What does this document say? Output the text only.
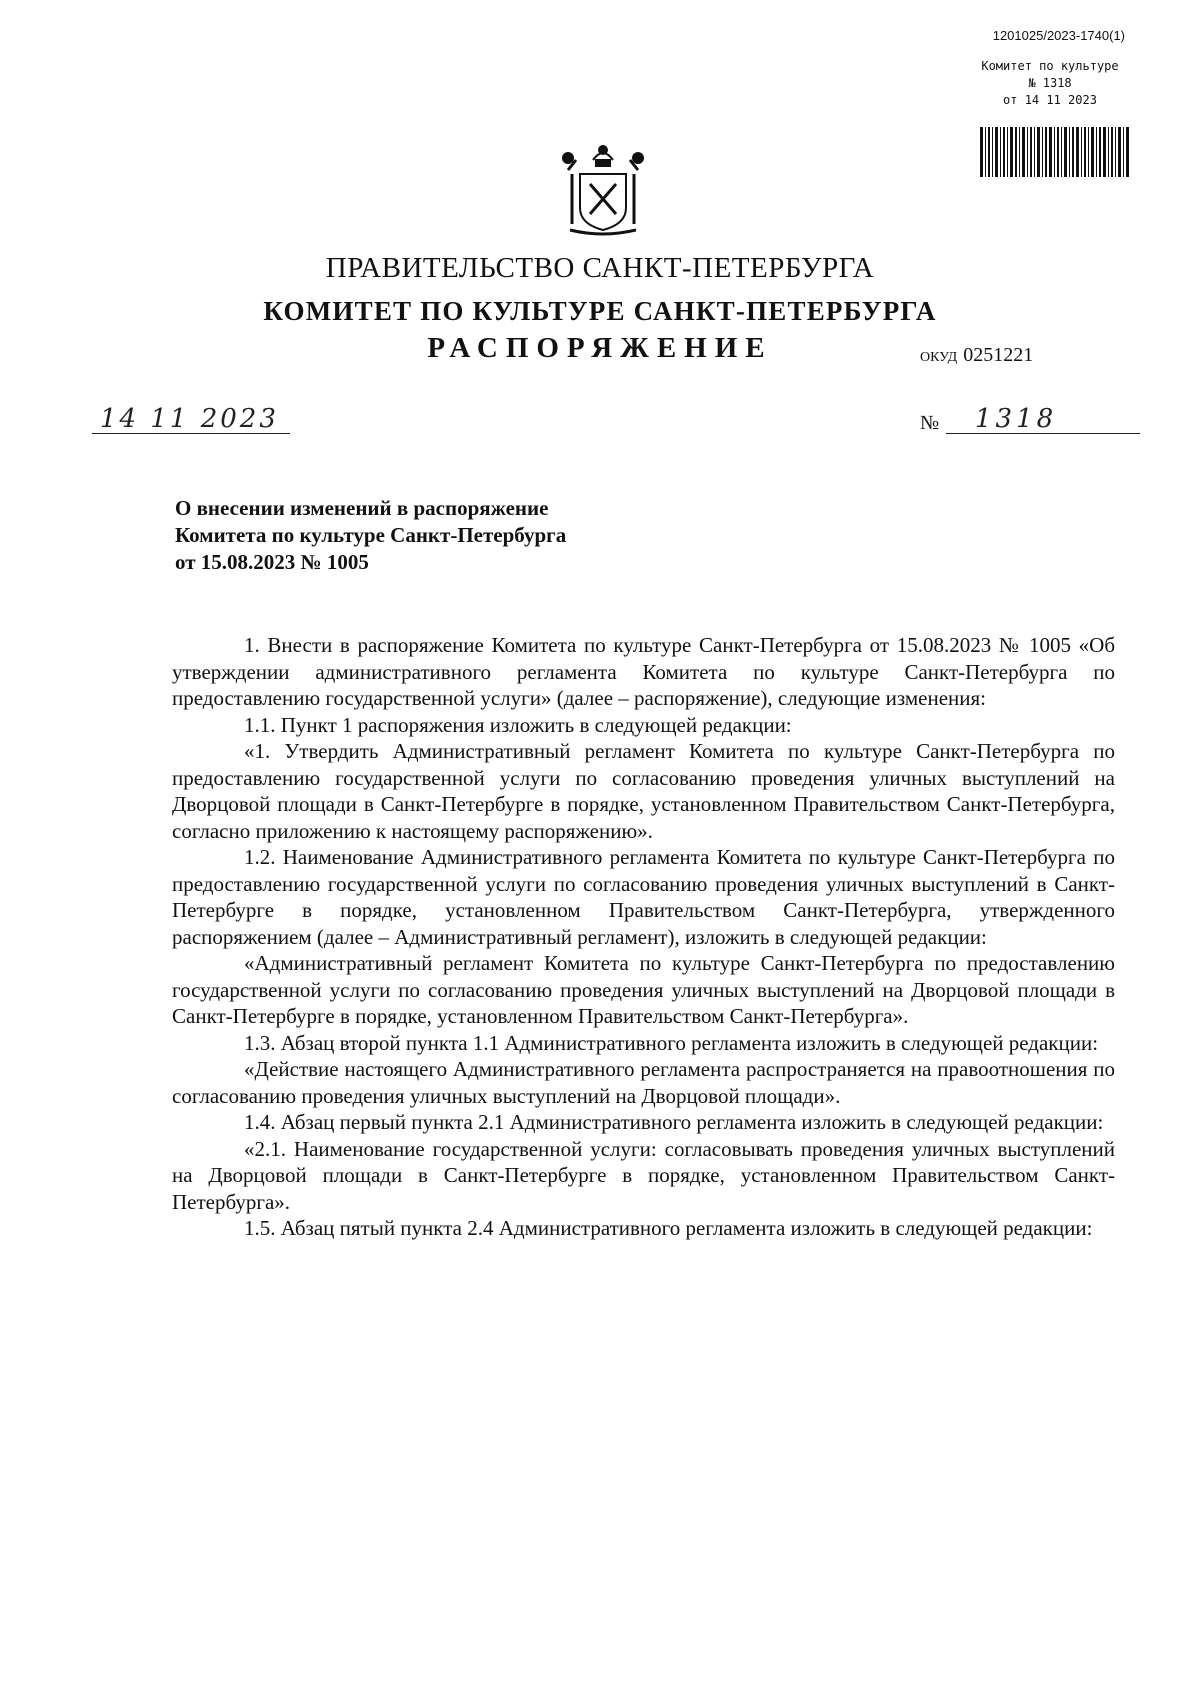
1201025/2023-1740(1)
Комитет по культуре
№ 1318
от 14 11 2023
ПРАВИТЕЛЬСТВО САНКТ-ПЕТЕРБУРГА
КОМИТЕТ ПО КУЛЬТУРЕ САНКТ-ПЕТЕРБУРГА
РАСПОРЯЖЕНИЕ	ОКУД 0251221
14 11 2023	№ 1318
О внесении изменений в распоряжение
Комитета по культуре Санкт-Петербурга
от 15.08.2023 № 1005

1. Внести в распоряжение Комитета по культуре Санкт-Петербурга от 15.08.2023 № 1005 «Об утверждении административного регламента Комитета по культуре Санкт-Петербурга по предоставлению государственной услуги» (далее – распоряжение), следующие изменения:

1.1. Пункт 1 распоряжения изложить в следующей редакции:

«1. Утвердить Административный регламент Комитета по культуре Санкт-Петербурга по предоставлению государственной услуги по согласованию проведения уличных выступлений на Дворцовой площади в Санкт-Петербурге в порядке, установленном Правительством Санкт-Петербурга, согласно приложению к настоящему распоряжению».

1.2. Наименование Административного регламента Комитета по культуре Санкт-Петербурга по предоставлению государственной услуги по согласованию проведения уличных выступлений в Санкт-Петербурге в порядке, установленном Правительством Санкт-Петербурга, утвержденного распоряжением (далее – Административный регламент), изложить в следующей редакции:

«Административный регламент Комитета по культуре Санкт-Петербурга по предоставлению государственной услуги по согласованию проведения уличных выступлений на Дворцовой площади в Санкт-Петербурге в порядке, установленном Правительством Санкт-Петербурга».

1.3. Абзац второй пункта 1.1 Административного регламента изложить в следующей редакции:

«Действие настоящего Административного регламента распространяется на правоотношения по согласованию проведения уличных выступлений на Дворцовой площади».

1.4. Абзац первый пункта 2.1 Административного регламента изложить в следующей редакции:

«2.1. Наименование государственной услуги: согласовывать проведения уличных выступлений на Дворцовой площади в Санкт-Петербурге в порядке, установленном Правительством Санкт-Петербурга».

1.5. Абзац пятый пункта 2.4 Административного регламента изложить в следующей редакции:
